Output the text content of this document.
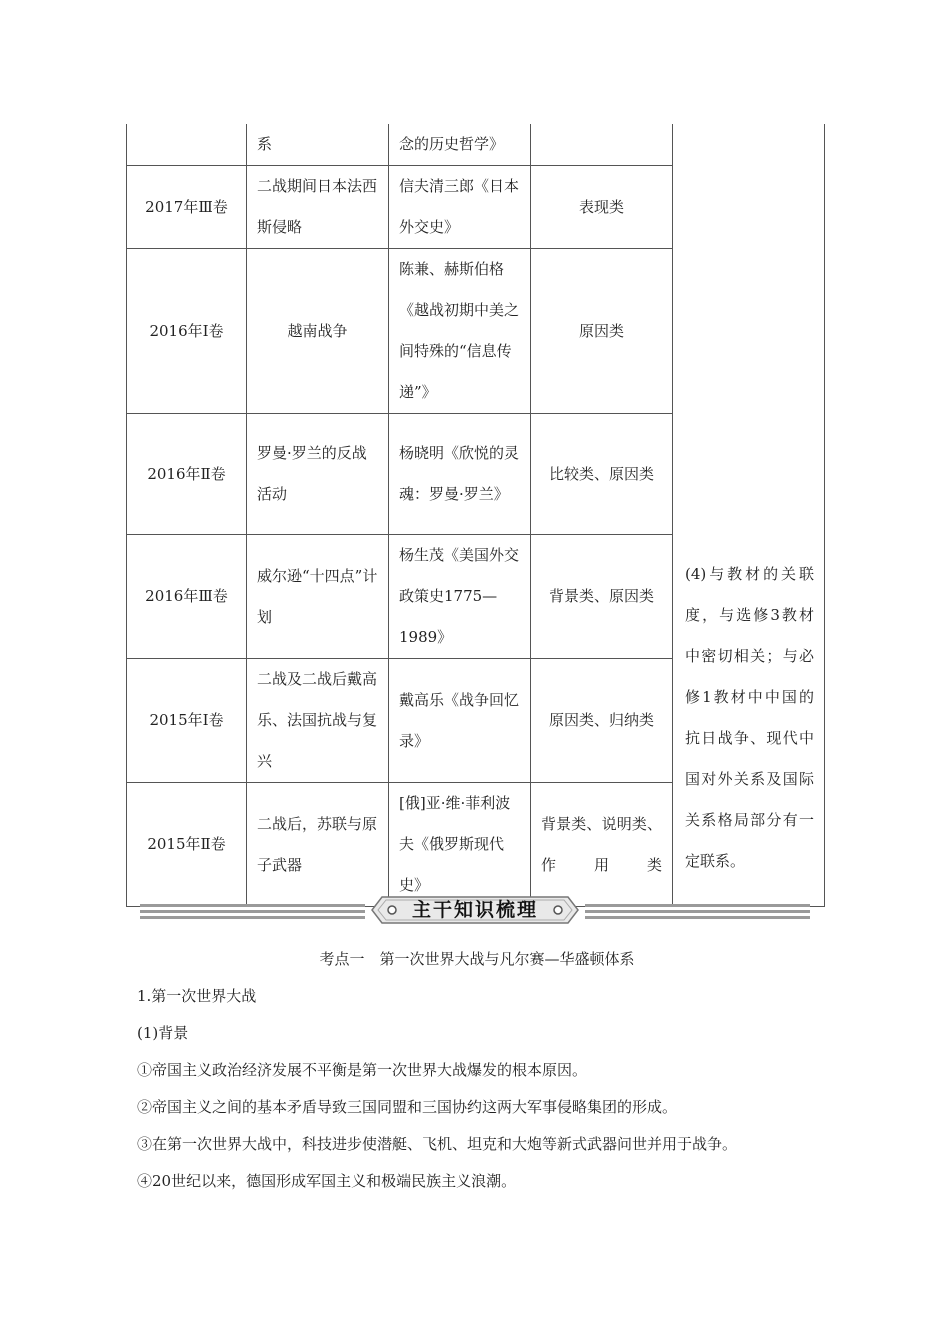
	系	念的历史哲学》		(4)与教材的关联度，与选修3教材中密切相关；与必修1教材中中国的抗日战争、现代中国对外关系及国际关系格局部分有一定联系。
2017年Ⅲ卷	二战期间日本法西斯侵略	信夫清三郎《日本外交史》	表现类	
2016年Ⅰ卷	越南战争	陈兼、赫斯伯格《越战初期中美之间特殊的“信息传递”》	原因类	
2016年Ⅱ卷	罗曼·罗兰的反战活动	杨晓明《欣悦的灵魂：罗曼·罗兰》	比较类、原因类	
2016年Ⅲ卷	威尔逊“十四点”计划	杨生茂《美国外交政策史1775—1989》	背景类、原因类	
2015年Ⅰ卷	二战及二战后戴高乐、法国抗战与复兴	戴高乐《战争回忆录》	原因类、归纳类	
2015年Ⅱ卷	二战后，苏联与原子武器	[俄]亚·维·菲利波夫《俄罗斯现代史》	背景类、说明类、作用类	
主干知识梳理
考点一　第一次世界大战与凡尔赛—华盛顿体系
1.第一次世界大战
(1)背景
①帝国主义政治经济发展不平衡是第一次世界大战爆发的根本原因。
②帝国主义之间的基本矛盾导致三国同盟和三国协约这两大军事侵略集团的形成。
③在第一次世界大战中，科技进步使潜艇、飞机、坦克和大炮等新式武器问世并用于战争。
④20世纪以来，德国形成军国主义和极端民族主义浪潮。
